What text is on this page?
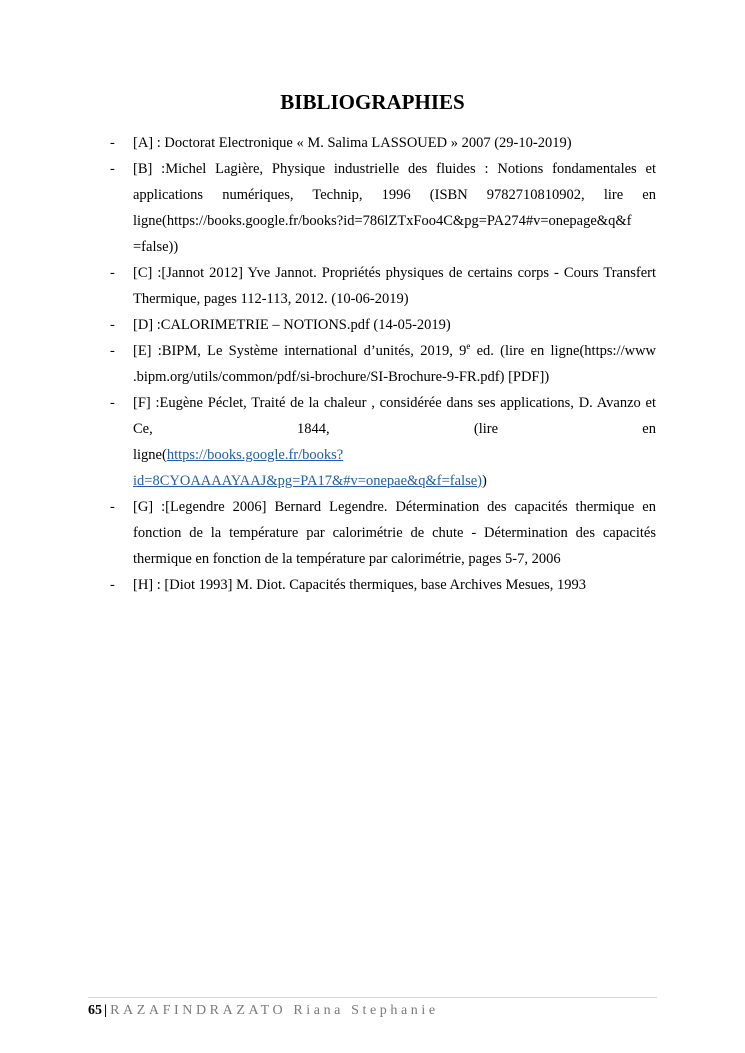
BIBLIOGRAPHIES
- [A] : Doctorat Electronique « M. Salima LASSOUED » 2007 (29-10-2019)
- [B] :Michel Lagière, Physique industrielle des fluides : Notions fondamentales et applications numériques, Technip, 1996 (ISBN 9782710810902, lire en ligne(https://books.google.fr/books?id=786lZTxFoo4C&pg=PA274#v=onepage&q&f
=false))
- [C] :[Jannot 2012] Yve Jannot. Propriétés physiques de certains corps - Cours Transfert Thermique, pages 112-113, 2012. (10-06-2019)
- [D] :CALORIMETRIE – NOTIONS.pdf (14-05-2019)
- [E] :BIPM, Le Système international d’unités, 2019, 9e ed. (lire en ligne(https://www .bipm.org/utils/common/pdf/si-brochure/SI-Brochure-9-FR.pdf) [PDF])
- [F] :Eugène Péclet, Traité de la chaleur , considérée dans ses applications, D. Avanzo et Ce, 1844, (lire en
ligne(https://books.google.fr/books?id=8CYOAAAAYAAJ&pg=PA17&#v=onepae&q&f=false))
- [G] :[Legendre 2006] Bernard Legendre. Détermination des capacités thermique en fonction de la température par calorimétrie de chute - Détermination des capacités thermique en fonction de la température par calorimétrie, pages 5-7, 2006
- [H] : [Diot 1993] M. Diot. Capacités thermiques, base Archives Mesues, 1993
65 | RAZAFINDRAZATO Riana Stephanie
